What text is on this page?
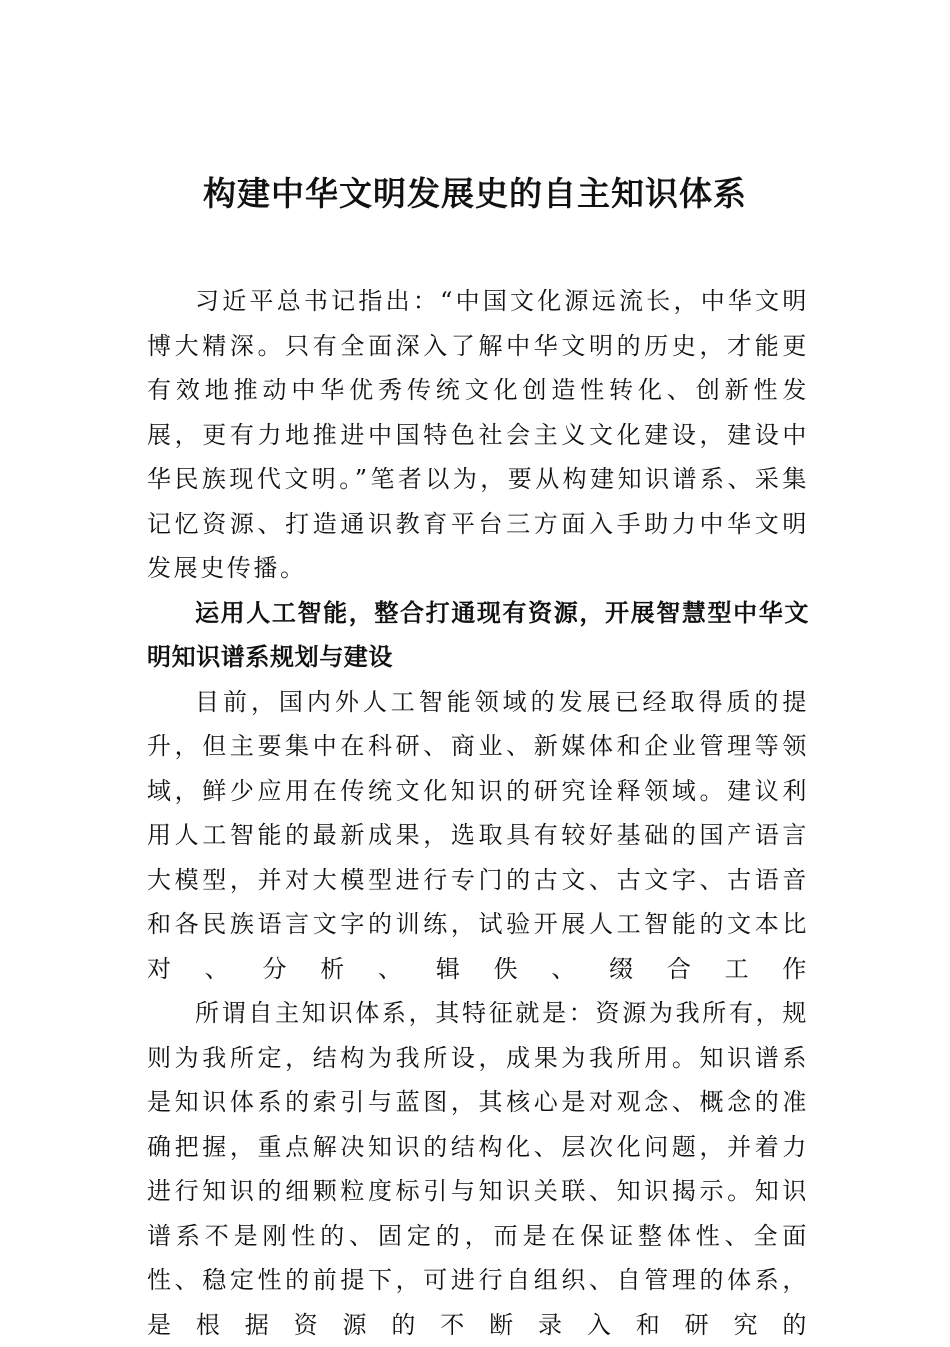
构建中华文明发展史的自主知识体系

习近平总书记指出：“中国文化源远流长，中华文明博大精深。只有全面深入了解中华文明的历史，才能更有效地推动中华优秀传统文化创造性转化、创新性发展，更有力地推进中国特色社会主义文化建设，建设中华民族现代文明。”笔者以为，要从构建知识谱系、采集记忆资源、打造通识教育平台三方面入手助力中华文明发展史传播。

运用人工智能，整合打通现有资源，开展智慧型中华文明知识谱系规划与建设

目前，国内外人工智能领域的发展已经取得质的提升，但主要集中在科研、商业、新媒体和企业管理等领域，鲜少应用在传统文化知识的研究诠释领域。建议利用人工智能的最新成果，选取具有较好基础的国产语言大模型，并对大模型进行专门的古文、古文字、古语音和各民族语言文字的训练，试验开展人工智能的文本比对、分析、辑佚、缀合工作

所谓自主知识体系，其特征就是：资源为我所有，规则为我所定，结构为我所设，成果为我所用。知识谱系是知识体系的索引与蓝图，其核心是对观念、概念的准确把握，重点解决知识的结构化、层次化问题，并着力进行知识的细颗粒度标引与知识关联、知识揭示。知识谱系不是刚性的、固定的，而是在保证整体性、全面性、稳定性的前提下，可进行自组织、自管理的体系，是根据资源的不断录入和研究的
